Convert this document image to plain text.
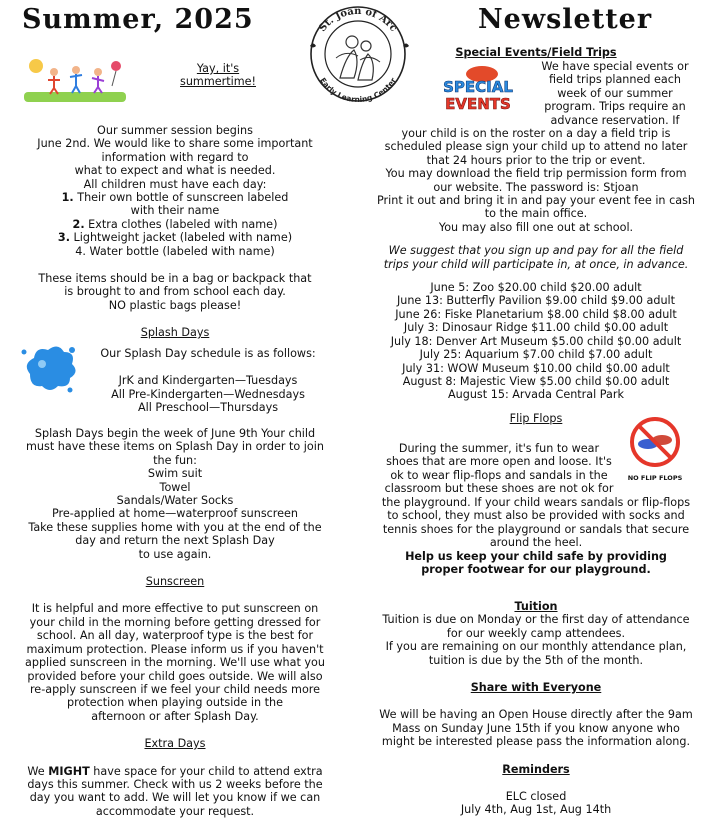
Summer, 2025	Newsletter
St. Joan of Arc
Early Learning Center

Yay, it's

summertime!

Our summer session begins

June 2nd. We would like to share some important

information with regard to

what to expect and what is needed.

All children must have each day:

1. Their own bottle of sunscreen labeled

with their name

2. Extra clothes (labeled with name)

3. Lightweight jacket (labeled with name)

4. Water bottle (labeled with name)

These items should be in a bag or backpack that

is brought to and from school each day.

NO plastic bags please!

Splash Days

Our Splash Day schedule is as follows:

JrK and Kindergarten—Tuesdays

All Pre-Kindergarten—Wednesdays

All Preschool—Thursdays

Splash Days begin the week of June 9th Your child

must have these items on Splash Day in order to join

the fun:

Swim suit

Towel

Sandals/Water Socks

Pre-applied at home—waterproof sunscreen

Take these supplies home with you at the end of the

day and return the next Splash Day

to use again.

Sunscreen

It is helpful and more effective to put sunscreen on

your child in the morning before getting dressed for

school. An all day, waterproof type is the best for

maximum protection. Please inform us if you haven't

applied sunscreen in the morning. We'll use what you

provided before your child goes outside. We will also

re-apply sunscreen if we feel your child needs more

protection when playing outside in the

afternoon or after Splash Day.

Extra Days

We MIGHT have space for your child to attend extra

days this summer. Check with us 2 weeks before the

day you want to add. We will let you know if we can

accommodate your request.

Special Events/Field Trips

SPECIAL
EVENTS

We have special events or

field trips planned each

week of our summer

program. Trips require an

advance reservation. If

your child is on the roster on a day a field trip is

scheduled please sign your child up to attend no later

that 24 hours prior to the trip or event.

You may download the field trip permission form from

our website. The password is: Stjoan

Print it out and bring it in and pay your event fee in cash

to the main office.

You may also fill one out at school.

We suggest that you sign up and pay for all the field

trips your child will participate in, at once, in advance.

June 5: Zoo $20.00 child $20.00 adult

June 13: Butterfly Pavilion $9.00 child $9.00 adult

June 26: Fiske Planetarium $8.00 child $8.00 adult

July 3: Dinosaur Ridge $11.00 child $0.00 adult

July 18: Denver Art Museum $5.00 child $0.00 adult

July 25: Aquarium $7.00 child $7.00 adult

July 31: WOW Museum $10.00 child $0.00 adult

August 8: Majestic View $5.00 child $0.00 adult

August 15: Arvada Central Park

Flip Flops

NO FLIP FLOPS

During the summer, it's fun to wear

shoes that are more open and loose. It's

ok to wear flip-flops and sandals in the

classroom but these shoes are not ok for

the playground. If your child wears sandals or flip-flops

to school, they must also be provided with socks and

tennis shoes for the playground or sandals that secure

around the heel.

Help us keep your child safe by providing

proper footwear for our playground.

Tuition

Tuition is due on Monday or the first day of attendance

for our weekly camp attendees.

If you are remaining on our monthly attendance plan,

tuition is due by the 5th of the month.

Share with Everyone

We will be having an Open House directly after the 9am

Mass on Sunday June 15th if you know anyone who

might be interested please pass the information along.

Reminders

ELC closed

July 4th, Aug 1st, Aug 14th
